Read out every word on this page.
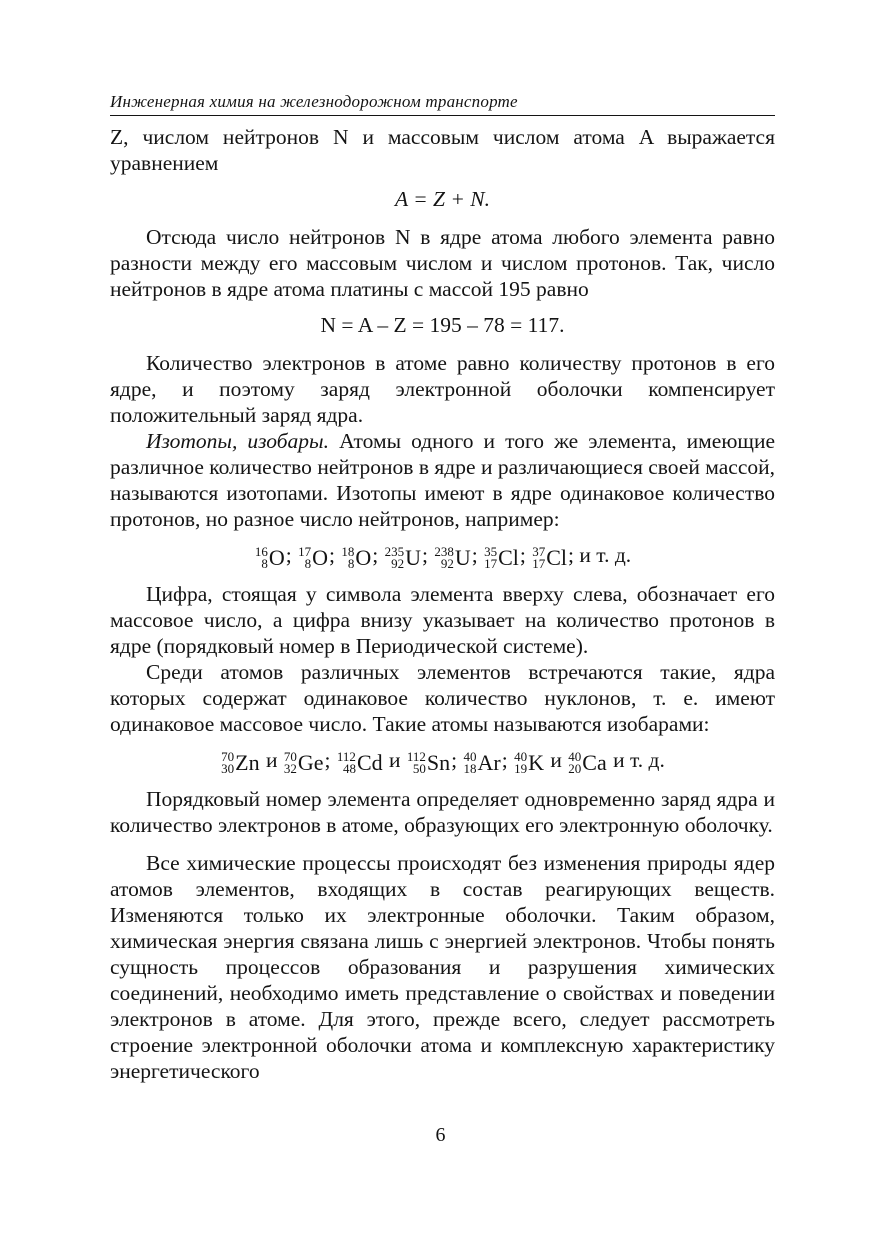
Инженерная химия на железнодорожном транспорте

Z, числом нейтронов N и массовым числом атома A выражается уравнением

A = Z + N.

Отсюда число нейтронов N в ядре атома любого элемента равно разности между его массовым числом и числом протонов. Так, число нейтронов в ядре атома платины с массой 195 равно

N = A – Z = 195 – 78 = 117.

Количество электронов в атоме равно количеству протонов в его ядре, и поэтому заряд электронной оболочки компенсирует положительный заряд ядра.

Изотопы, изобары. Атомы одного и того же элемента, имеющие различное количество нейтронов в ядре и различающиеся своей массой, называются изотопами. Изотопы имеют в ядре одинаковое количество протонов, но разное число нейтронов, например:

16
8 O; 17
8 O; 18
8 O; 235
92 U; 238
92 U; 35
17 Cl; 37
17 Cl; и т. д.

Цифра, стоящая у символа элемента вверху слева, обозначает его массовое число, а цифра внизу указывает на количество протонов в ядре (порядковый номер в Периодической системе).

Среди атомов различных элементов встречаются такие, ядра которых содержат одинаковое количество нуклонов, т. е. имеют одинаковое массовое число. Такие атомы называются изобарами:

70
30 Zn и 70
32 Ge; 112
48 Cd и 112
50 Sn; 40
18 Ar; 40
19 K и 40
20 Ca и т. д.

Порядковый номер элемента определяет одновременно заряд ядра и количество электронов в атоме, образующих его электронную оболочку.

Все химические процессы происходят без изменения природы ядер атомов элементов, входящих в состав реагирующих веществ. Изменяются только их электронные оболочки. Таким образом, химическая энергия связана лишь с энергией электронов. Чтобы понять сущность процессов образования и разрушения химических соединений, необходимо иметь представление о свойствах и поведении электронов в атоме. Для этого, прежде всего, следует рассмотреть строение электронной оболочки атома и комплексную характеристику энергетического

6
